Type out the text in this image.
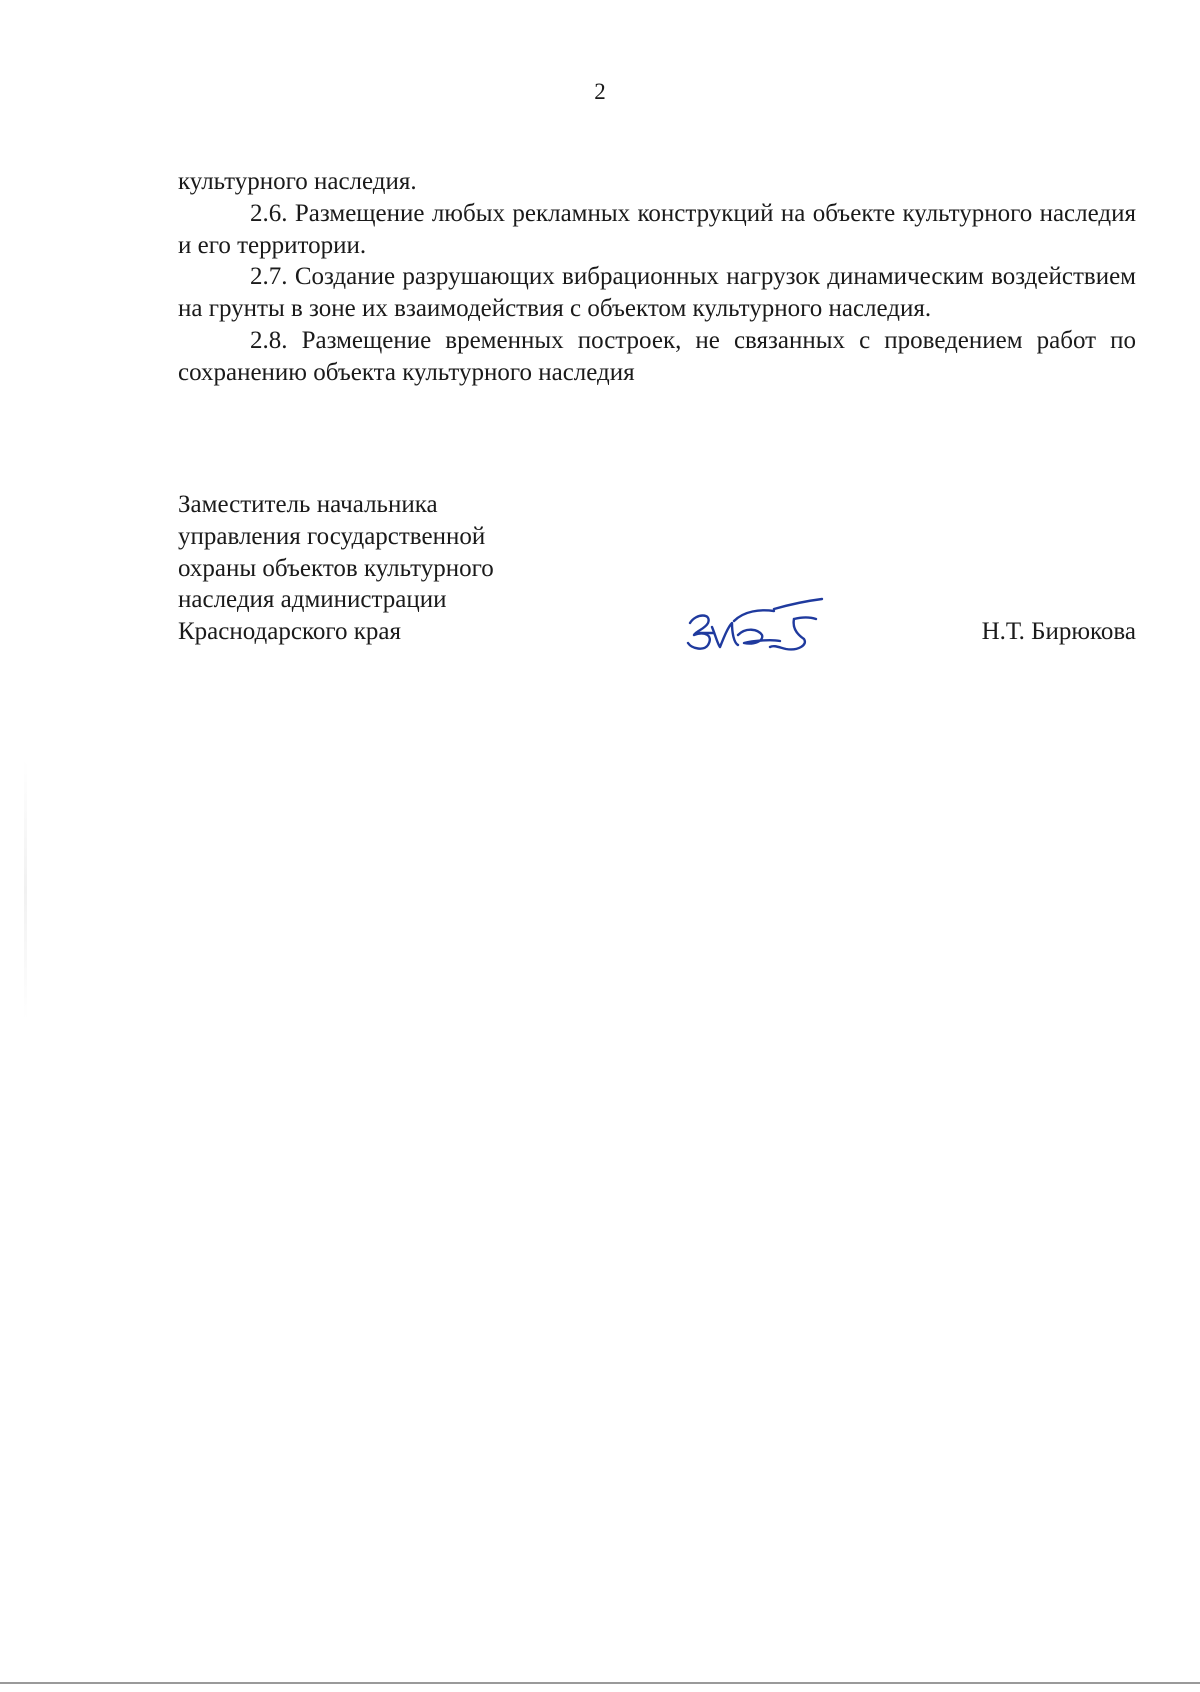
2

культурного наследия.

2.6. Размещение любых рекламных конструкций на объекте культурного наследия и его территории.

2.7. Создание разрушающих вибрационных нагрузок динамическим воздействием на грунты в зоне их взаимодействия с объектом культурного наследия.

2.8. Размещение временных построек, не связанных с проведением работ по сохранению объекта культурного наследия

Заместитель начальника
управления государственной
охраны объектов культурного
наследия администрации
Краснодарского края	Н.Т. Бирюкова
